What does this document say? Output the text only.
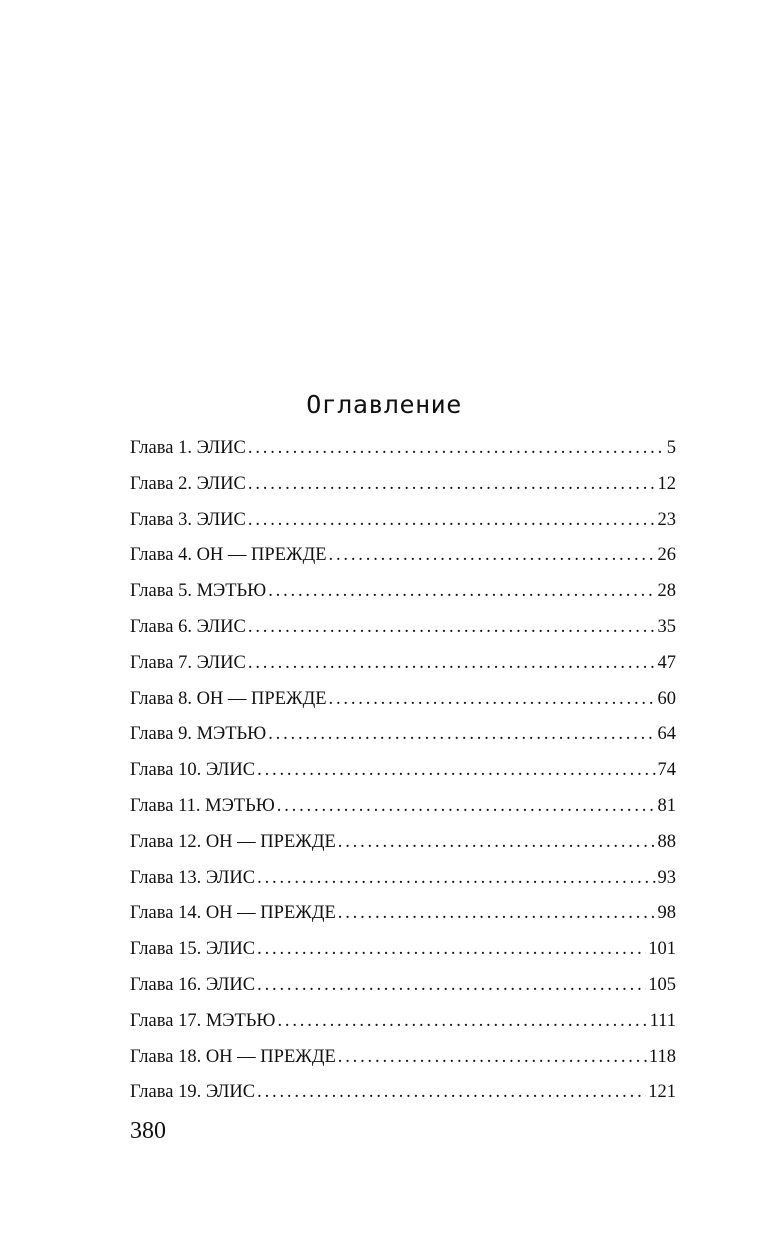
Оглавление
Глава 1. ЭЛИС . . .	5
Глава 2. ЭЛИС . . .	12
Глава 3. ЭЛИС . . .	23
Глава 4. ОН — ПРЕЖДЕ . . .	26
Глава 5. МЭТЬЮ . . .	28
Глава 6. ЭЛИС . . .	35
Глава 7. ЭЛИС . . .	47
Глава 8. ОН — ПРЕЖДЕ . . .	60
Глава 9. МЭТЬЮ . . .	64
Глава 10. ЭЛИС . . .	74
Глава 11. МЭТЬЮ . . .	81
Глава 12. ОН — ПРЕЖДЕ . . .	88
Глава 13. ЭЛИС . . .	93
Глава 14. ОН — ПРЕЖДЕ . . .	98
Глава 15. ЭЛИС . . .	101
Глава 16. ЭЛИС . . .	105
Глава 17. МЭТЬЮ . . .	111
Глава 18. ОН — ПРЕЖДЕ . . .	118
Глава 19. ЭЛИС . . .	121
380
